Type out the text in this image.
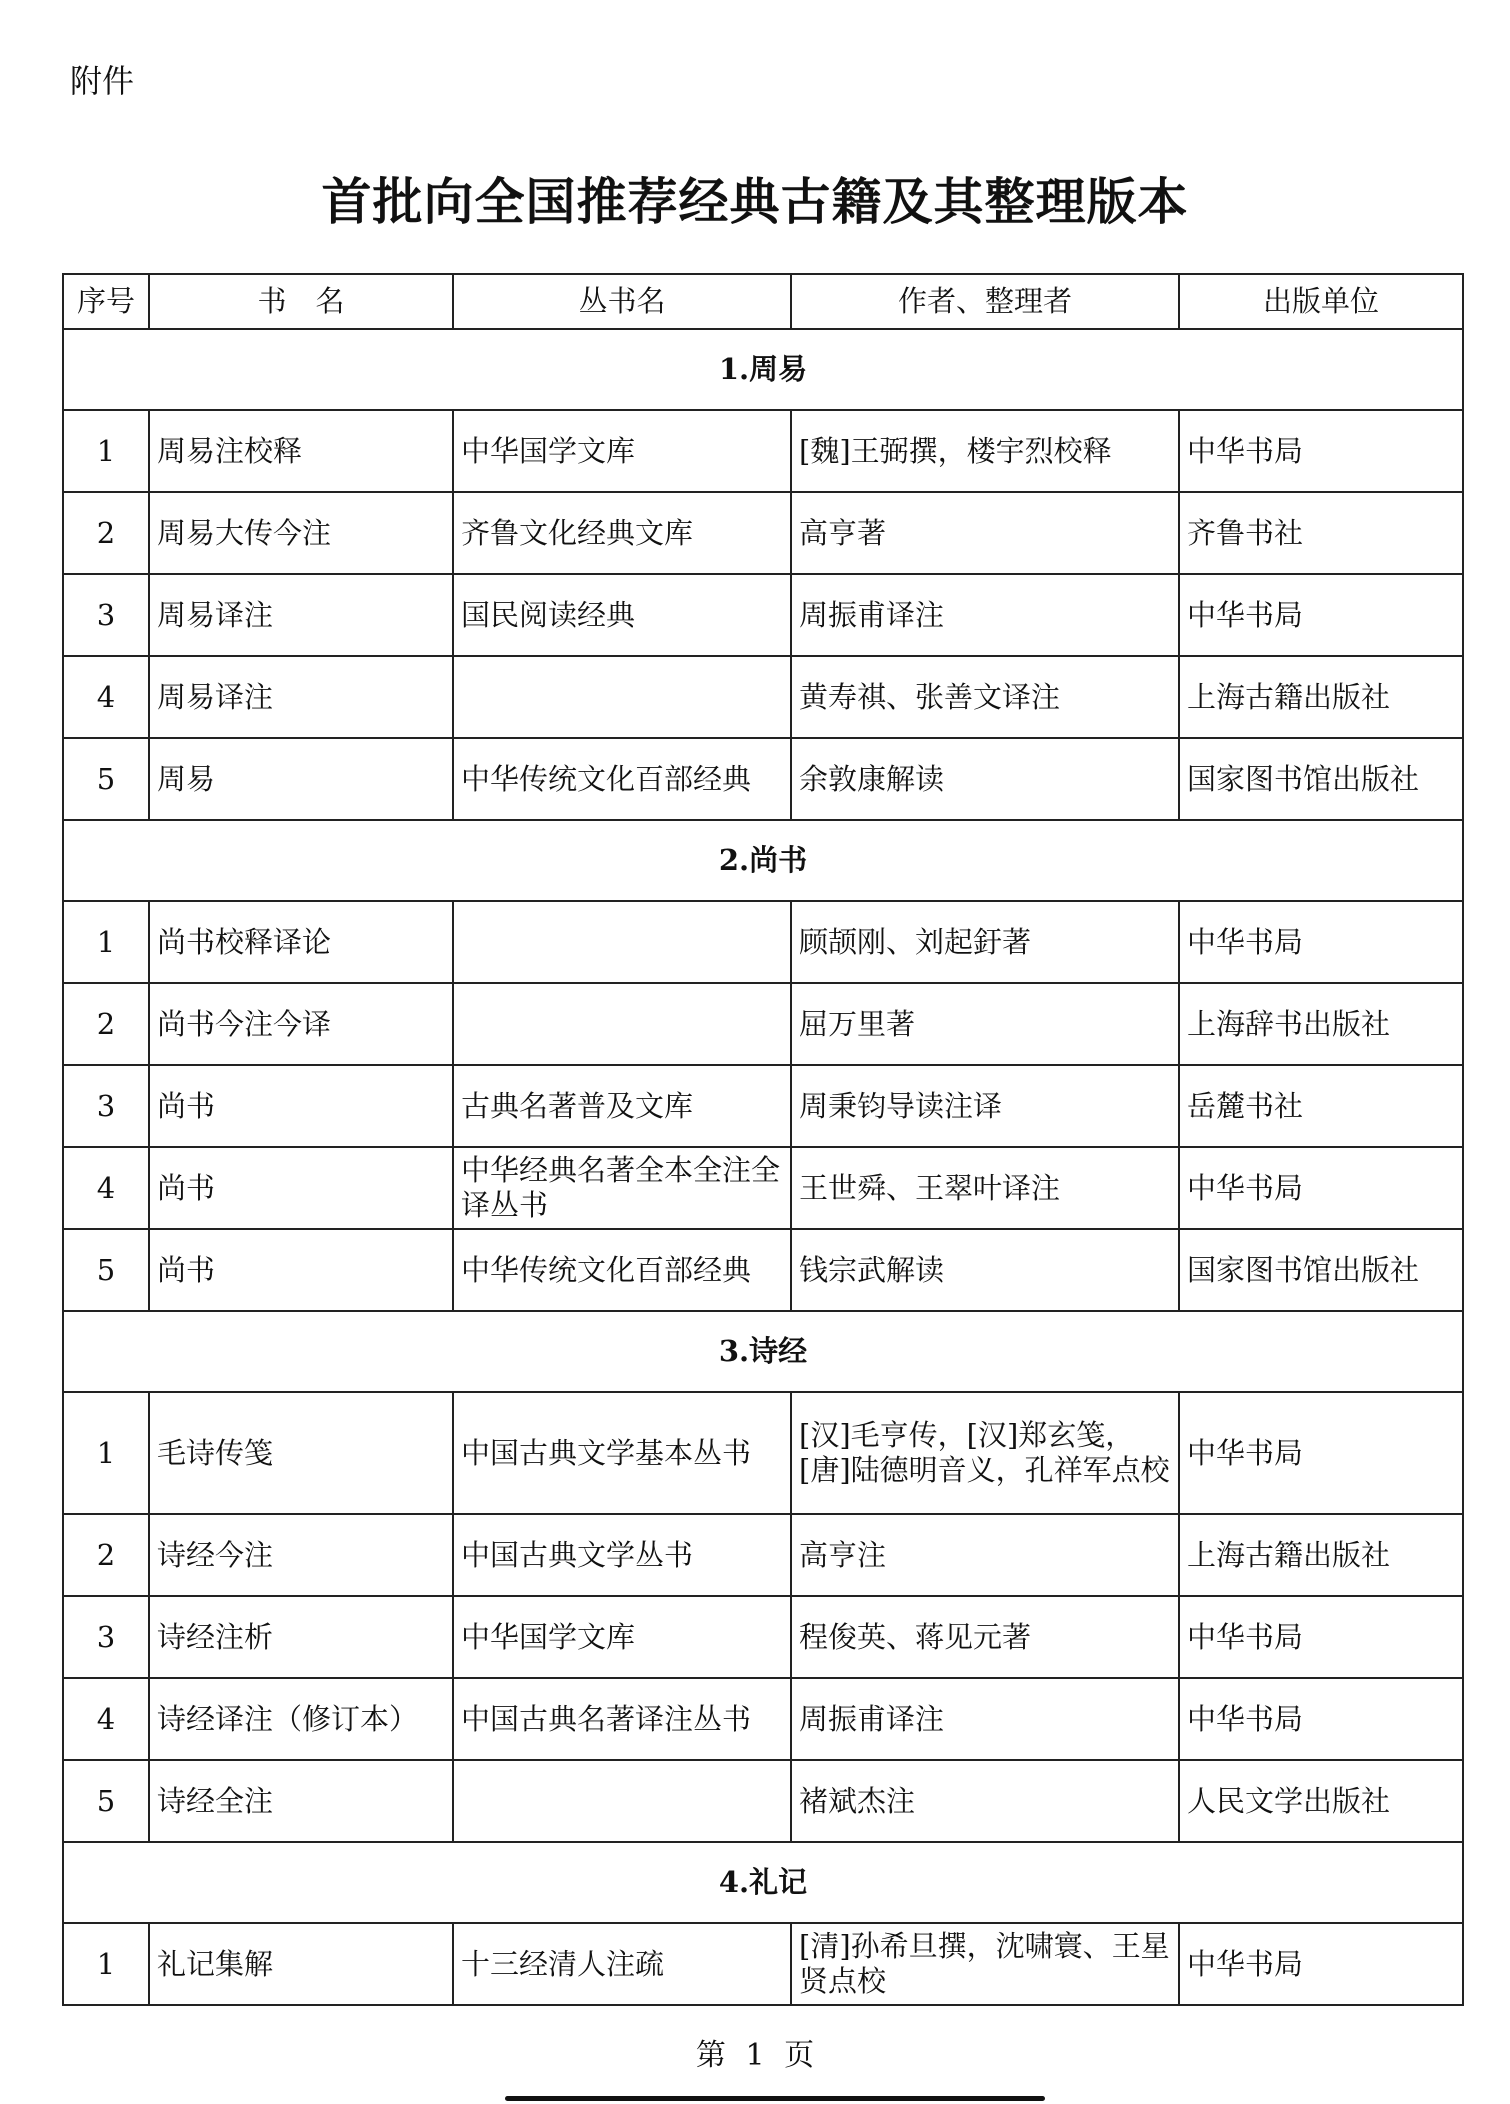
附件
首批向全国推荐经典古籍及其整理版本
序号	书　名	丛书名	作者、整理者	出版单位
1.周易				
1	周易注校释	中华国学文库	[魏]王弼撰，楼宇烈校释	中华书局
2	周易大传今注	齐鲁文化经典文库	高亨著	齐鲁书社
3	周易译注	国民阅读经典	周振甫译注	中华书局
4	周易译注		黄寿祺、张善文译注	上海古籍出版社
5	周易	中华传统文化百部经典	余敦康解读	国家图书馆出版社
2.尚书				
1	尚书校释译论		顾颉刚、刘起釪著	中华书局
2	尚书今注今译		屈万里著	上海辞书出版社
3	尚书	古典名著普及文库	周秉钧导读注译	岳麓书社
4	尚书	中华经典名著全本全注全译丛书	王世舜、王翠叶译注	中华书局
5	尚书	中华传统文化百部经典	钱宗武解读	国家图书馆出版社
3.诗经				
1	毛诗传笺	中国古典文学基本丛书	[汉]毛亨传，[汉]郑玄笺，[唐]陆德明音义，孔祥军点校	中华书局
2	诗经今注	中国古典文学丛书	高亨注	上海古籍出版社
3	诗经注析	中华国学文库	程俊英、蒋见元著	中华书局
4	诗经译注（修订本）	中国古典名著译注丛书	周振甫译注	中华书局
5	诗经全注		褚斌杰注	人民文学出版社
4.礼记				
1	礼记集解	十三经清人注疏	[清]孙希旦撰，沈啸寰、王星贤点校	中华书局
第 1 页
